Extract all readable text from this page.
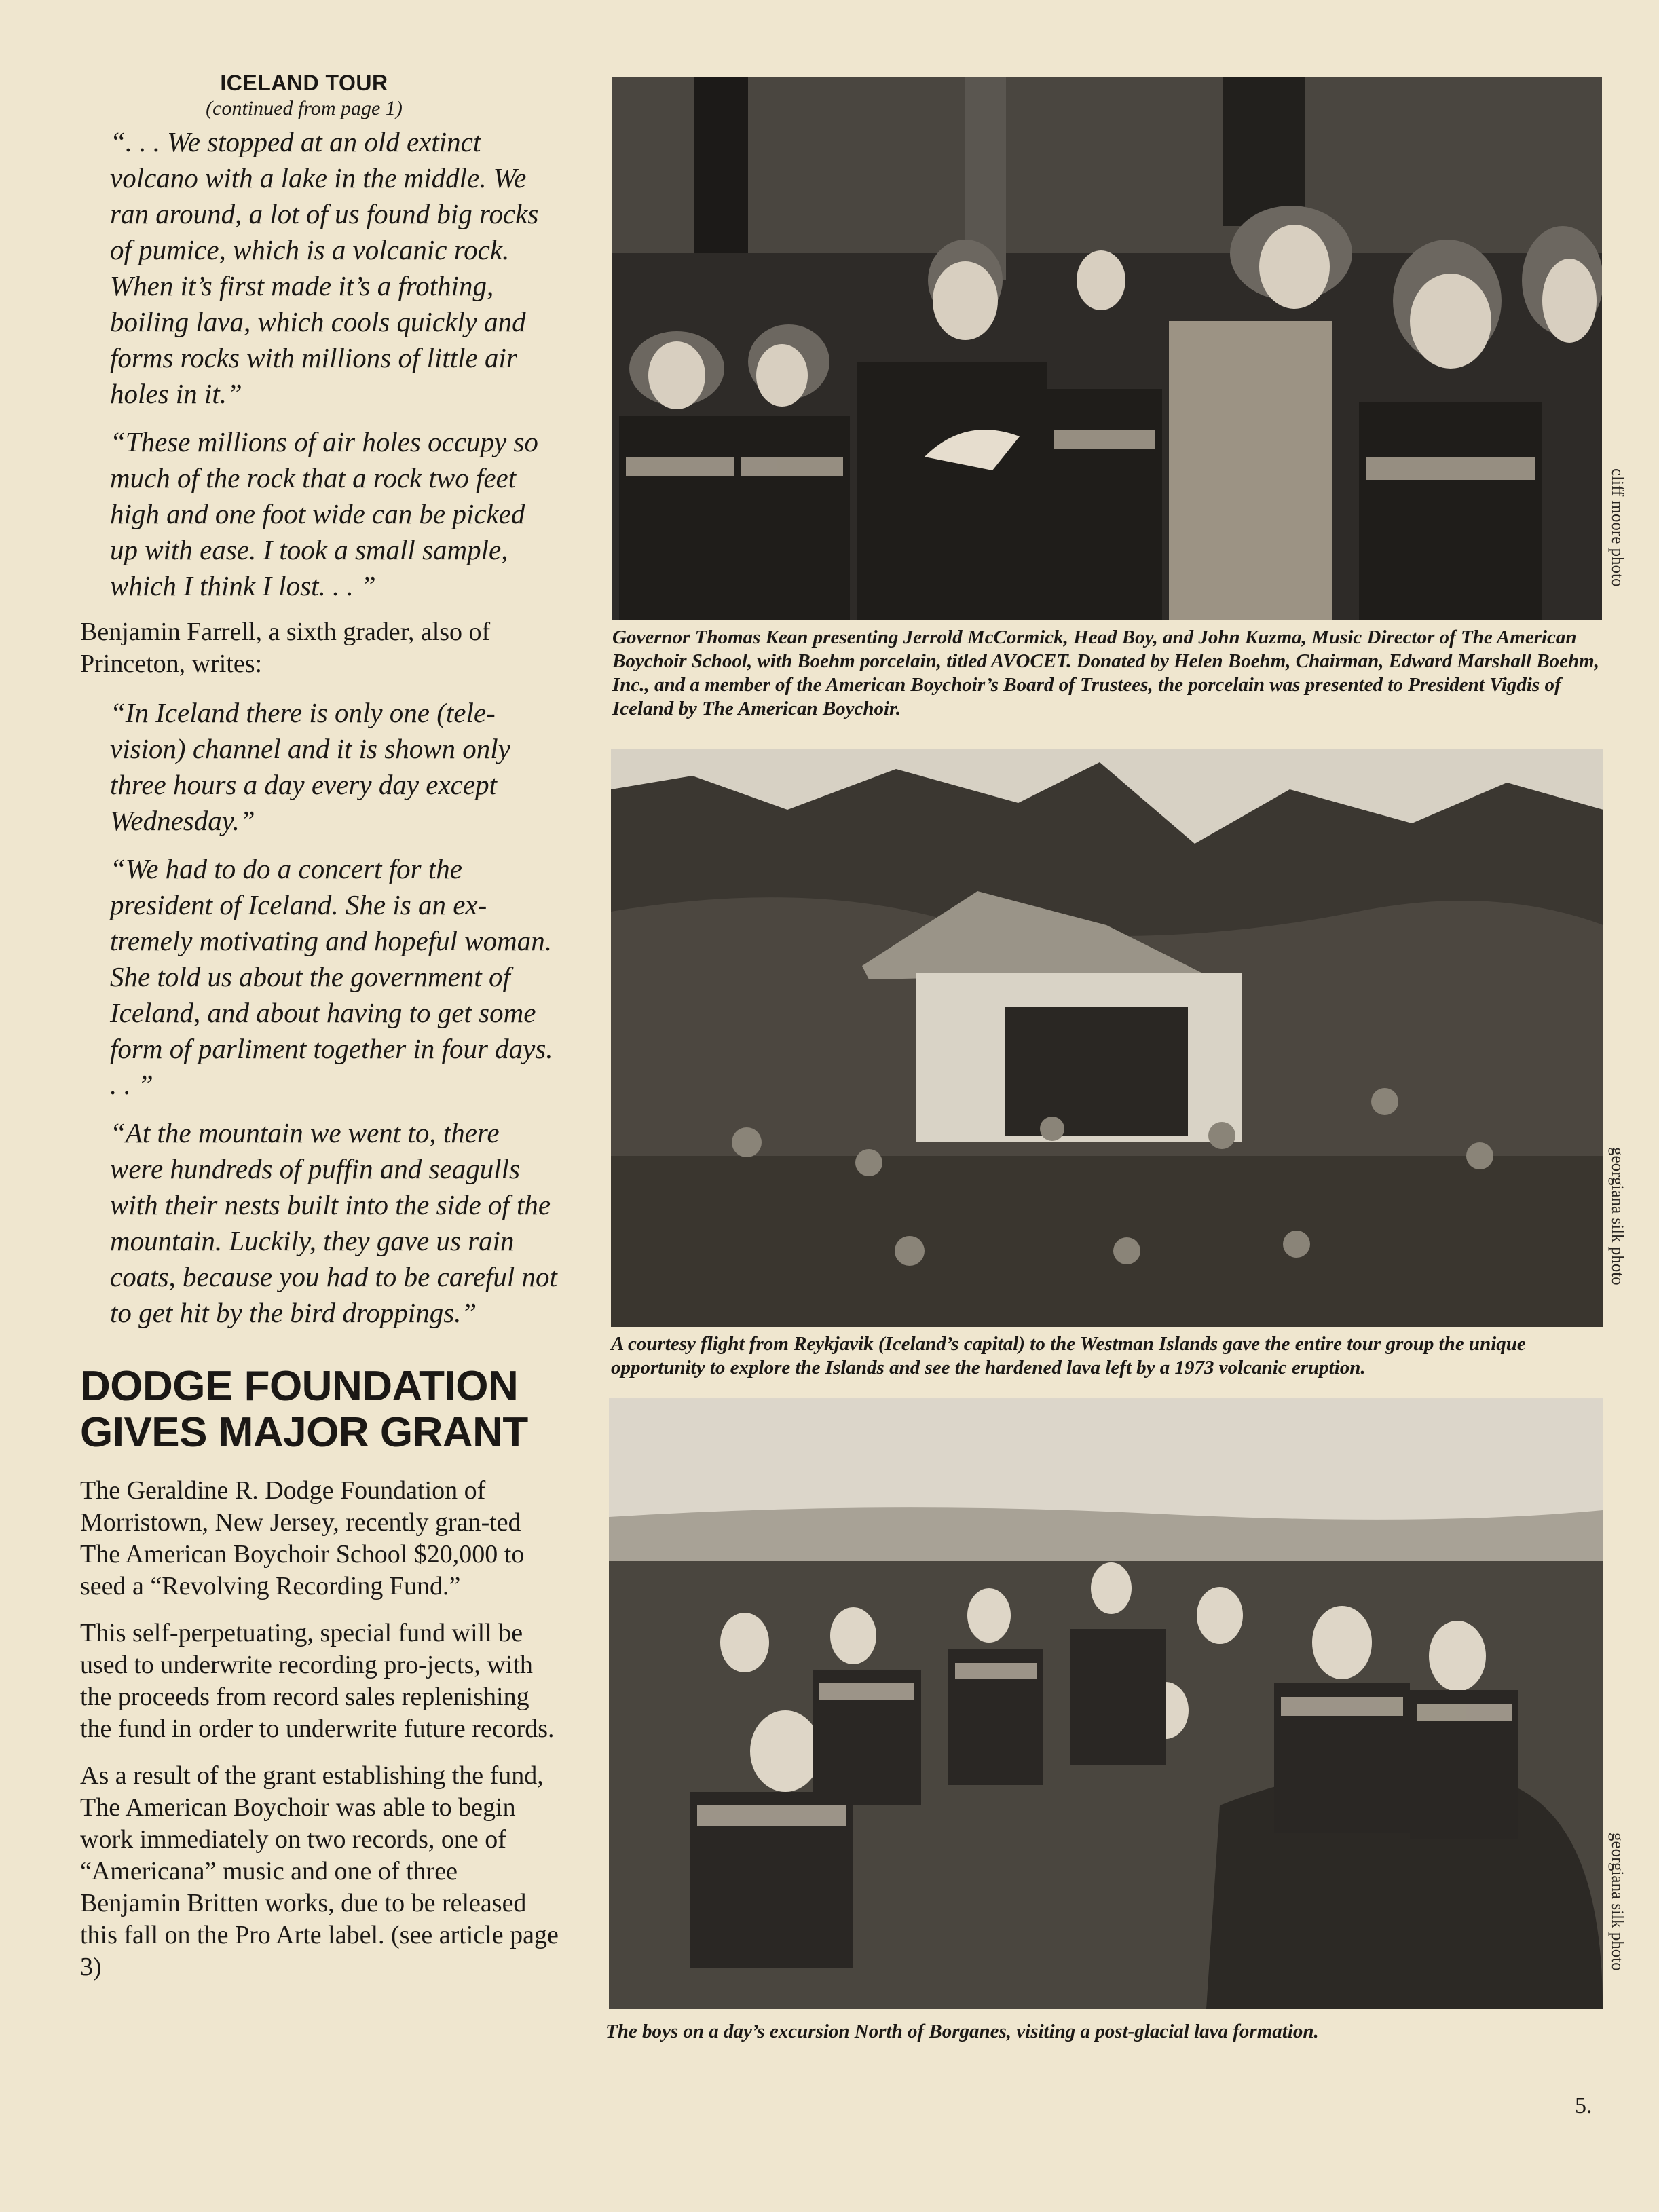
ICELAND TOUR
(continued from page 1)

“. . . We stopped at an old extinct volcano with a lake in the middle. We ran around, a lot of us found big rocks of pumice, which is a volcanic rock. When it’s first made it’s a frothing, boiling lava, which cools quickly and forms rocks with millions of little air holes in it.”

“These millions of air holes occupy so much of the rock that a rock two feet high and one foot wide can be picked up with ease. I took a small sample, which I think I lost. . . ”

Benjamin Farrell, a sixth grader, also of Princeton, writes:

“In Iceland there is only one (tele-vision) channel and it is shown only three hours a day every day except Wednesday.”

“We had to do a concert for the president of Iceland. She is an ex-tremely motivating and hopeful woman. She told us about the government of Iceland, and about having to get some form of parliment together in four days. . . ”

“At the mountain we went to, there were hundreds of puffin and seagulls with their nests built into the side of the mountain. Luckily, they gave us rain coats, because you had to be careful not to get hit by the bird droppings.”

DODGE FOUNDATION
GIVES MAJOR GRANT

The Geraldine R. Dodge Foundation of Morristown, New Jersey, recently gran-ted The American Boychoir School $20,000 to seed a “Revolving Recording Fund.”

This self-perpetuating, special fund will be used to underwrite recording pro-jects, with the proceeds from record sales replenishing the fund in order to underwrite future records.

As a result of the grant establishing the fund, The American Boychoir was able to begin work immediately on two records, one of “Americana” music and one of three Benjamin Britten works, due to be released this fall on the Pro Arte label. (see article page 3)

cliff moore photo
Governor Thomas Kean presenting Jerrold McCormick, Head Boy, and John Kuzma, Music Director of The American Boychoir School, with Boehm porcelain, titled AVOCET. Donated by Helen Boehm, Chairman, Edward Marshall Boehm, Inc., and a member of the American Boychoir’s Board of Trustees, the porcelain was presented to President Vigdis of Iceland by The American Boychoir.
georgiana silk photo
A courtesy flight from Reykjavik (Iceland’s capital) to the Westman Islands gave the entire tour group the unique opportunity to explore the Islands and see the hardened lava left by a 1973 volcanic eruption.
georgiana silk photo
The boys on a day’s excursion North of Borganes, visiting a post-glacial lava formation.
5.
